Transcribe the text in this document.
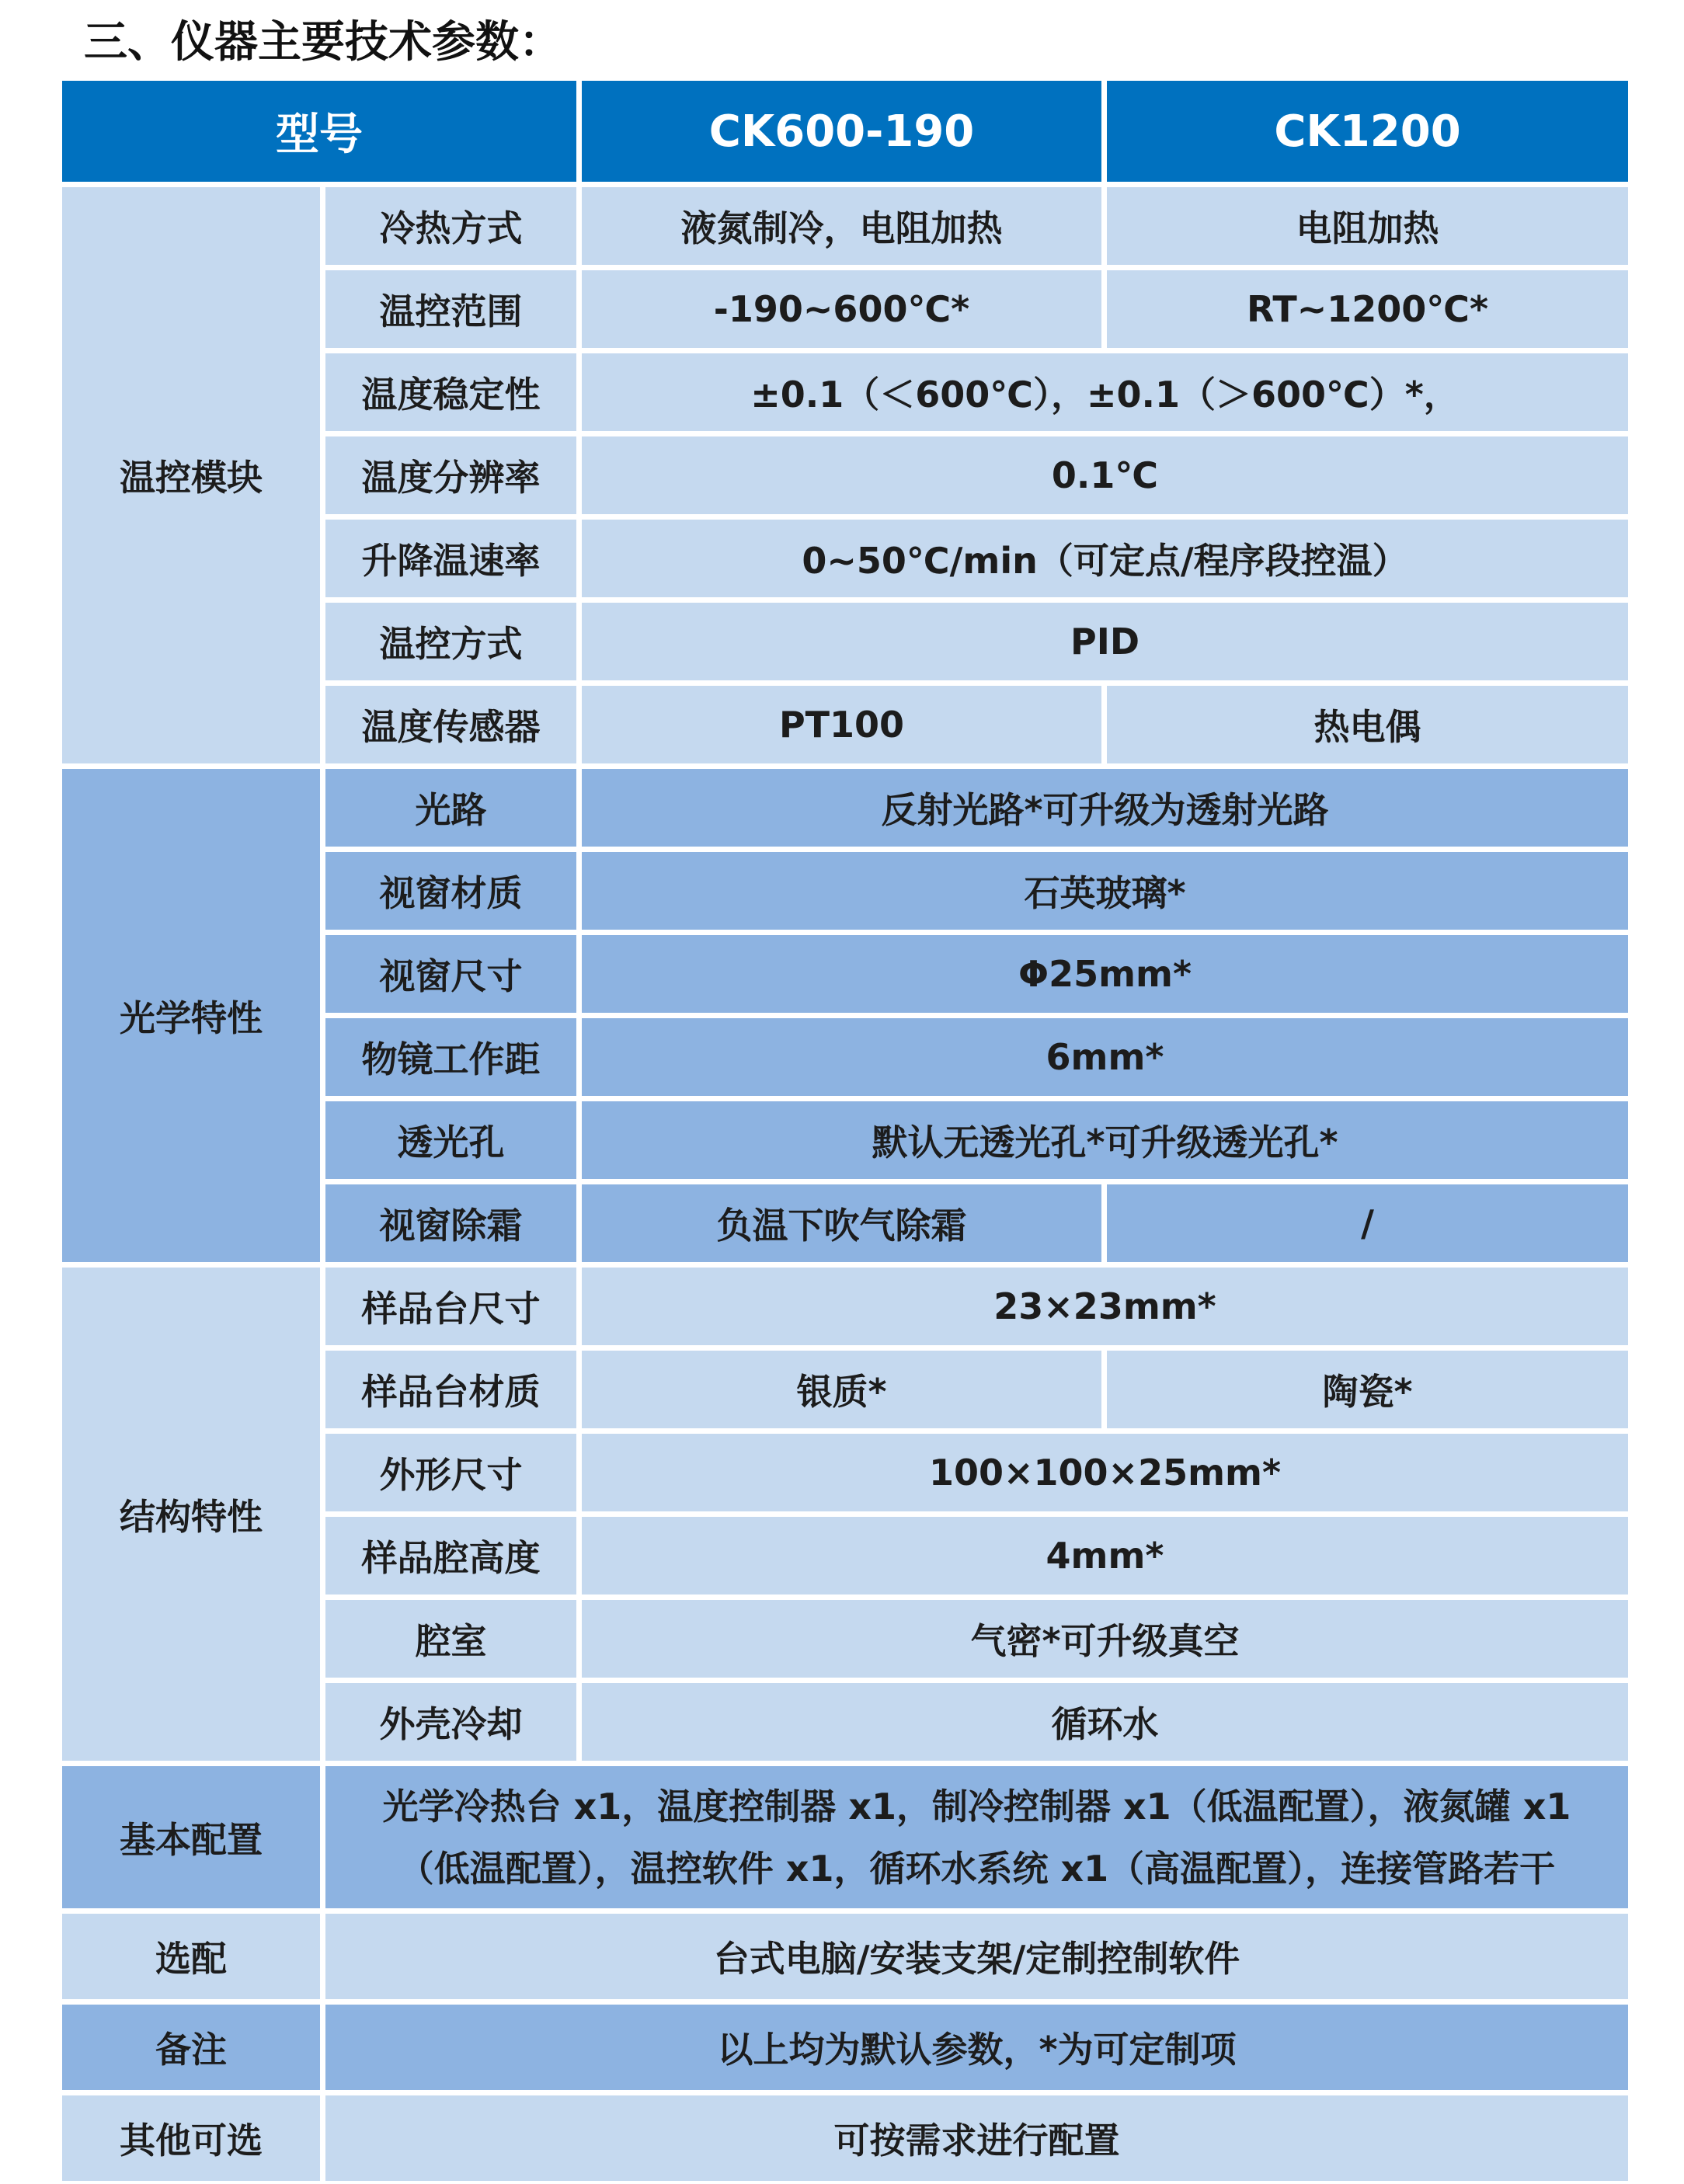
三、仪器主要技术参数：
型号		CK600-190	CK1200
温控模块	冷热方式	液氮制冷，电阻加热	电阻加热
	温控范围	-190~600℃*	RT~1200℃*
	温度稳定性	±0.1（＜600℃），±0.1（＞600℃）*，	
	温度分辨率	0.1℃	
	升降温速率	0~50℃/min（可定点/程序段控温）	
	温控方式	PID	
	温度传感器	PT100	热电偶
光学特性	光路	反射光路*可升级为透射光路	
	视窗材质	石英玻璃*	
	视窗尺寸	Φ25mm*	
	物镜工作距	6mm*	
	透光孔	默认无透光孔*可升级透光孔*	
	视窗除霜	负温下吹气除霜	/
结构特性	样品台尺寸	23×23mm*	
	样品台材质	银质*	陶瓷*
	外形尺寸	100×100×25mm*	
	样品腔高度	4mm*	
	腔室	气密*可升级真空	
	外壳冷却	循环水	
基本配置	光学冷热台 x1，温度控制器 x1，制冷控制器 x1（低温配置），液氮罐 x1
（低温配置），温控软件 x1，循环水系统 x1（高温配置），连接管路若干		

选配	台式电脑/安装支架/定制控制软件		
备注	以上均为默认参数，*为可定制项		
其他可选	可按需求进行配置		
